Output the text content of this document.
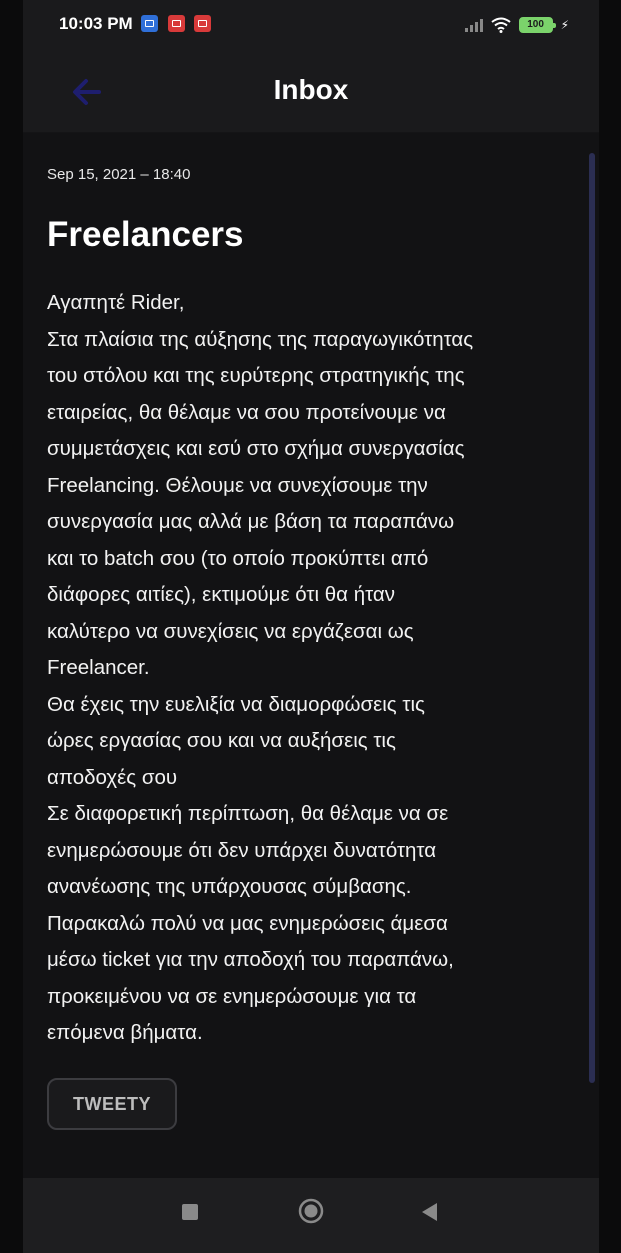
10:03 PM	100	⚡
Inbox
Sep 15, 2021 – 18:40
Freelancers
Αγαπητέ Rider,
Στα πλαίσια της αύξησης της παραγωγικότητας
του στόλου και της ευρύτερης στρατηγικής της
εταιρείας, θα θέλαμε να σου προτείνουμε να
συμμετάσχεις και εσύ στο σχήμα συνεργασίας
Freelancing. Θέλουμε να συνεχίσουμε την
συνεργασία μας αλλά με βάση τα παραπάνω
και το batch σου (το οποίο προκύπτει από
διάφορες αιτίες), εκτιμούμε ότι θα ήταν
καλύτερο να συνεχίσεις να εργάζεσαι ως
Freelancer.
Θα έχεις την ευελιξία να διαμορφώσεις τις
ώρες εργασίας σου και να αυξήσεις τις
αποδοχές σου
Σε διαφορετική περίπτωση, θα θέλαμε να σε
ενημερώσουμε ότι δεν υπάρχει δυνατότητα
ανανέωσης της υπάρχουσας σύμβασης.
Παρακαλώ πολύ να μας ενημερώσεις άμεσα
μέσω ticket για την αποδοχή του παραπάνω,
προκειμένου να σε ενημερώσουμε για τα
επόμενα βήματα.
TWEETY
